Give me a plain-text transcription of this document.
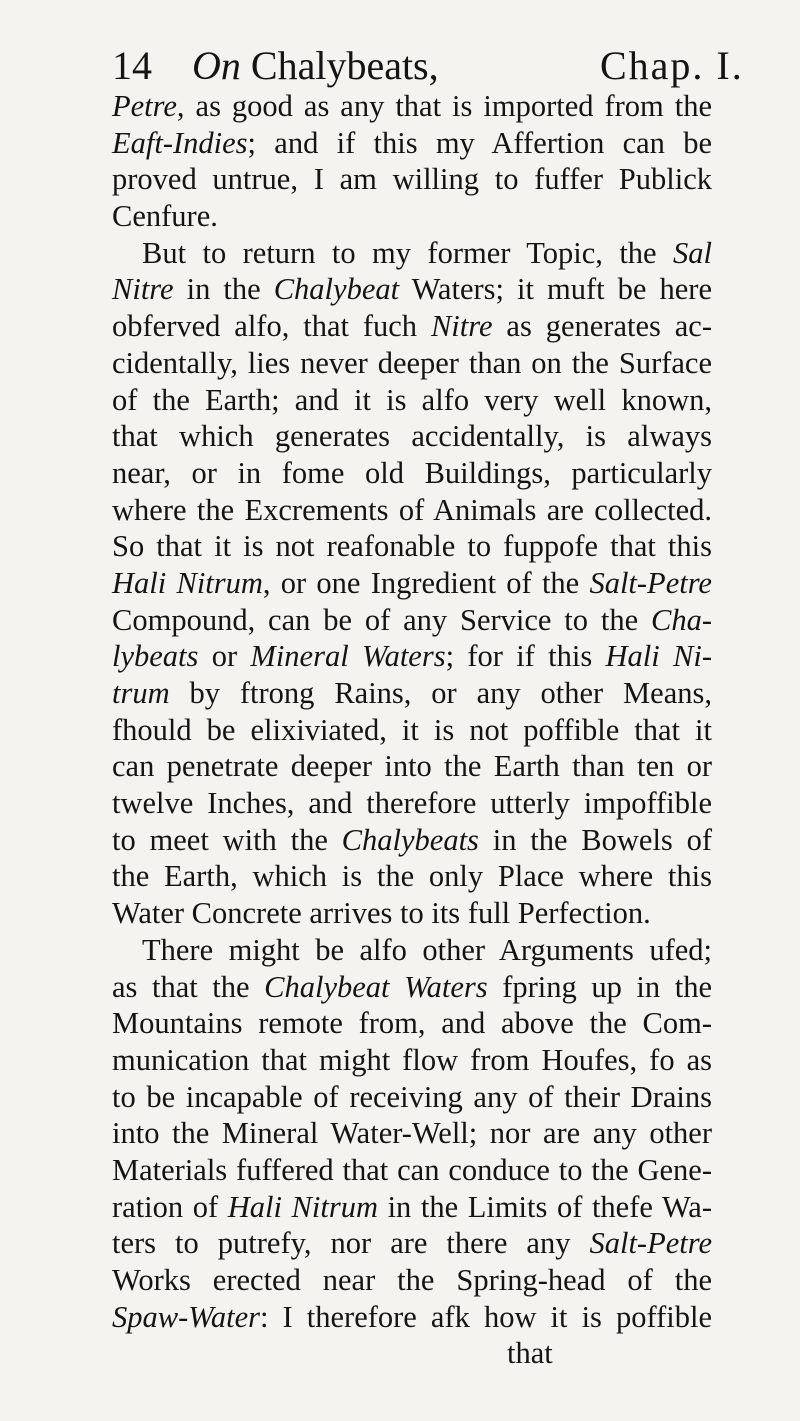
14 On Chalybeats,	Chap. I.
Petre, as good as any that is imported from the
Eaft-Indies; and if this my Affertion can be
proved untrue, I am willing to fuffer Publick
Cenfure.
But to return to my former Topic, the Sal
Nitre in the Chalybeat Waters; it muft be here
obferved alfo, that fuch Nitre as generates ac-
cidentally, lies never deeper than on the Surface
of the Earth; and it is alfo very well known,
that which generates accidentally, is always
near, or in fome old Buildings, particularly
where the Excrements of Animals are collected.
So that it is not reafonable to fuppofe that this
Hali Nitrum, or one Ingredient of the Salt-Petre
Compound, can be of any Service to the Cha-
lybeats or Mineral Waters; for if this Hali Ni-
trum by ftrong Rains, or any other Means,
fhould be elixiviated, it is not poffible that it
can penetrate deeper into the Earth than ten or
twelve Inches, and therefore utterly impoffible
to meet with the Chalybeats in the Bowels of
the Earth, which is the only Place where this
Water Concrete arrives to its full Perfection.
There might be alfo other Arguments ufed;
as that the Chalybeat Waters fpring up in the
Mountains remote from, and above the Com-
munication that might flow from Houfes, fo as
to be incapable of receiving any of their Drains
into the Mineral Water-Well; nor are any other
Materials fuffered that can conduce to the Gene-
ration of Hali Nitrum in the Limits of thefe Wa-
ters to putrefy, nor are there any Salt-Petre
Works erected near the Spring-head of the
Spaw-Water: I therefore afk how it is poffible
that
